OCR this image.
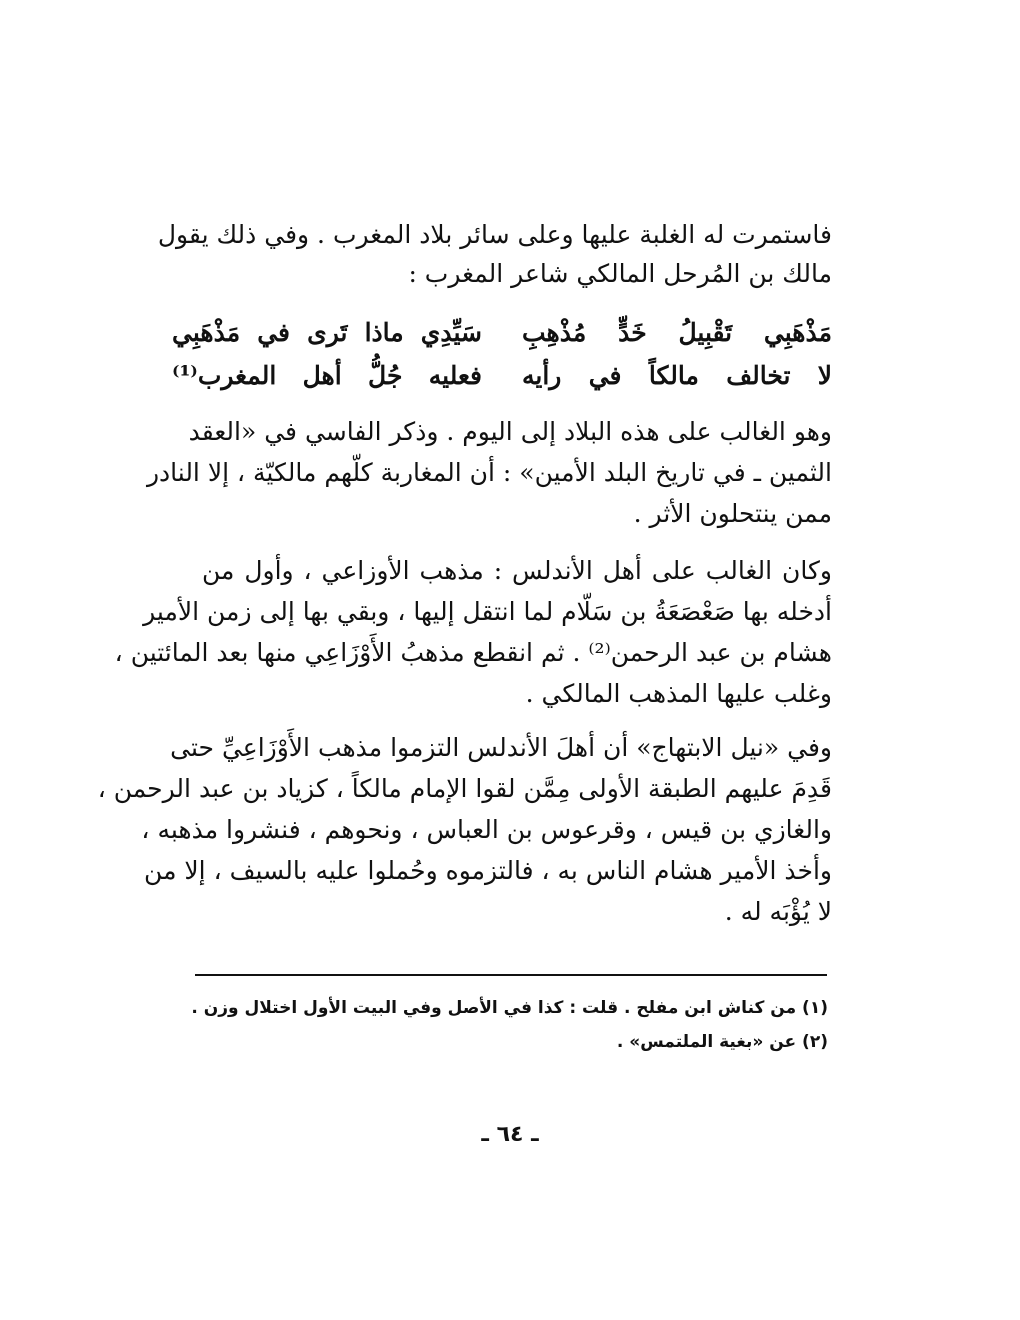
فاستمرت له الغلبة عليها وعلى سائر بلاد المغرب . وفي ذلك يقول
مالك بن المُرحل المالكي شاعر المغرب :
مَذْهَبِي تَقْبِيلُ خَدٍّ مُذْهِبِ
سَيِّدِي ماذا تَرى في مَذْهَبِي
لا تخالف مالكاً في رأيه
فعليه جُلُّ أهل المغرب⁽¹⁾
وهو الغالب على هذه البلاد إلى اليوم . وذكر الفاسي في «العقد
الثمين ـ في تاريخ البلد الأمين» : أن المغاربة كلّهم مالكيّة ، إلا النادر
ممن ينتحلون الأثر .
وكان الغالب على أهل الأندلس : مذهب الأوزاعي ، وأول من
أدخله بها صَعْصَعَةُ بن سَلّام لما انتقل إليها ، وبقي بها إلى زمن الأمير
هشام بن عبد الرحمن⁽²⁾ . ثم انقطع مذهبُ الأَوْزَاعِي منها بعد المائتين ،
وغلب عليها المذهب المالكي .
وفي «نيل الابتهاج» أن أهلَ الأندلس التزموا مذهب الأَوْزَاعِيِّ حتى
قَدِمَ عليهم الطبقة الأولى مِمَّن لقوا الإمام مالكاً ، كزياد بن عبد الرحمن ،
والغازي بن قيس ، وقرعوس بن العباس ، ونحوهم ، فنشروا مذهبه ،
وأخذ الأمير هشام الناس به ، فالتزموه وحُملوا عليه بالسيف ، إلا من
لا يُؤْبَه له .
(١) من كناش ابن مفلح . قلت : كذا في الأصل وفي البيت الأول اختلال وزن .
(٢) عن «بغية الملتمس» .
ـ ٦٤ ـ
